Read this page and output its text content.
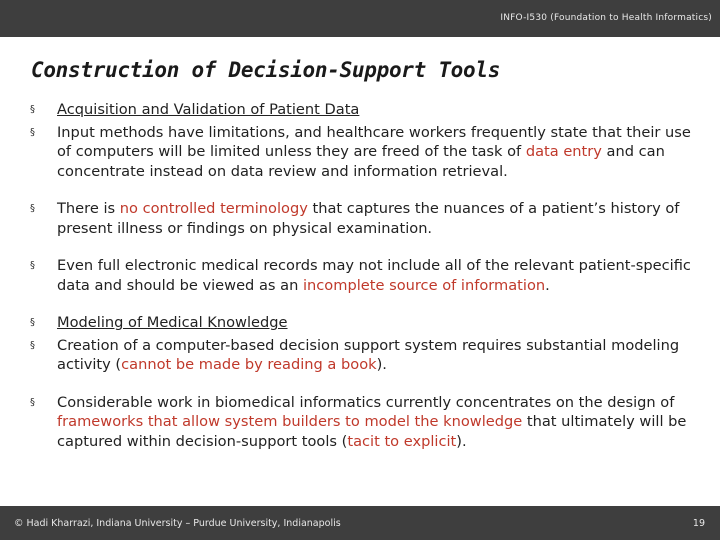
INFO-I530 (Foundation to Health Informatics)
Construction of Decision-Support Tools
§ Acquisition and Validation of Patient Data
§ Input methods have limitations, and healthcare workers frequently state that their use of computers will be limited unless they are freed of the task of data entry and can concentrate instead on data review and information retrieval.
§ There is no controlled terminology that captures the nuances of a patient’s history of present illness or findings on physical examination.
§ Even full electronic medical records may not include all of the relevant patient-specific data and should be viewed as an incomplete source of information.
§ Modeling of Medical Knowledge
§ Creation of a computer-based decision support system requires substantial modeling activity (cannot be made by reading a book).
§ Considerable work in biomedical informatics currently concentrates on the design of frameworks that allow system builders to model the knowledge that ultimately will be captured within decision-support tools (tacit to explicit).
© Hadi Kharrazi, Indiana University – Purdue University, Indianapolis	19
